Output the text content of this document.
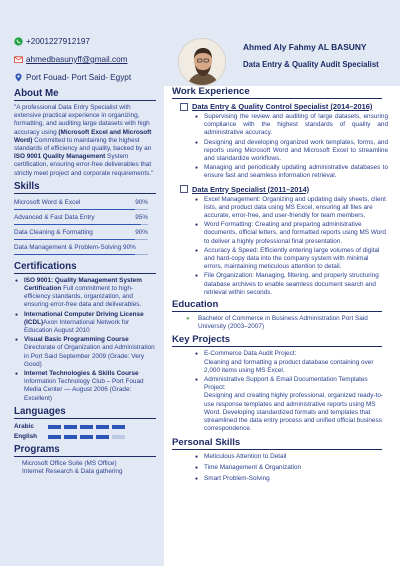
+2001227912197
ahmedbasunyff@gmail.com
Port Fouad- Port Said- Egypt
Ahmed Aly Fahmy AL BASUNY
Data Entry & Quality Audit Specialist
About Me
"A professional Data Entry Specialist with extensive practical experience in organizing, formatting, and auditing large datasets with high accuracy using (Microsoft Excel and Microsoft Word) Committed to maintaining the highest standards of efficiency and quality, backed by an ISO 9001 Quality Management System certification, ensuring error-free deliverables that strictly meet project and corporate requirements."
Skills
Microsoft Word & Excel	90%
Advanced & Fast Data Entry	95%
Data Cleaning & Formatting	90%
Data Management & Problem-Solving 90%
Certifications
● ISO 9001: Quality Management System Certification Full commitment to high-efficiency standards, organization, and ensuring error-free data and deliverables.
● International Computer Driving License (ICDL)Axon International Network for Education August 2010
● Visual Basic Programming Course Directorate of Organization and Administration in Port Said September 2009 (Grade: Very Good)
● Internet Technologies & Skills Course Information Technology Club – Port Fouad Media Center — August 2006 (Grade: Excellent)
Languages
Arabic
English
Programs
Microsoft Office Suite (MS Office)
Internet Research & Data gathering
Work Experience
Data Entry & Quality Control Specialist (2014–2016)
● Supervising the review and auditing of large datasets, ensuring compliance with the highest standards of quality and administrative accuracy.
● Designing and developing organized work templates, forms, and reports using Microsoft Word and Microsoft Excel to streamline and standardize workflows.
● Managing and periodically updating administrative databases to ensure fast and seamless information retrieval.
Data Entry Specialist (2011–2014)
● Excel Management: Organizing and updating daily sheets, client lists, and product data using MS Excel, ensuring all files are accurate, error-free, and user-friendly for team members.
● Word Formatting: Creating and preparing administrative documents, official letters, and formatted reports using MS Word to deliver a highly professional final presentation.
● Accuracy & Speed: Efficiently entering large volumes of digital and hard-copy data into the company system with minimal errors, maintaining meticulous attention to detail.
● File Organization: Managing, filtering, and properly structuring database archives to enable seamless document search and retrieval within seconds.
Education
● Bachelor of Commerce in Business Administration Port Said University (2003–2007)
Key Projects
● E-Commerce Data Audit Project:
Cleaning and formatting a product database containing over 2,000 items using MS Excel.
● Administrative Support & Email Documentation Templates Project:
Designing and creating highly professional, organized ready-to-use response templates and administrative reports using MS Word. Developing standardized formats and templates that streamlined the data entry process and unified official business correspondence.
Personal Skills
● Meticulous Attention to Detail
● Time Management & Organization
● Smart Problem-Solving
